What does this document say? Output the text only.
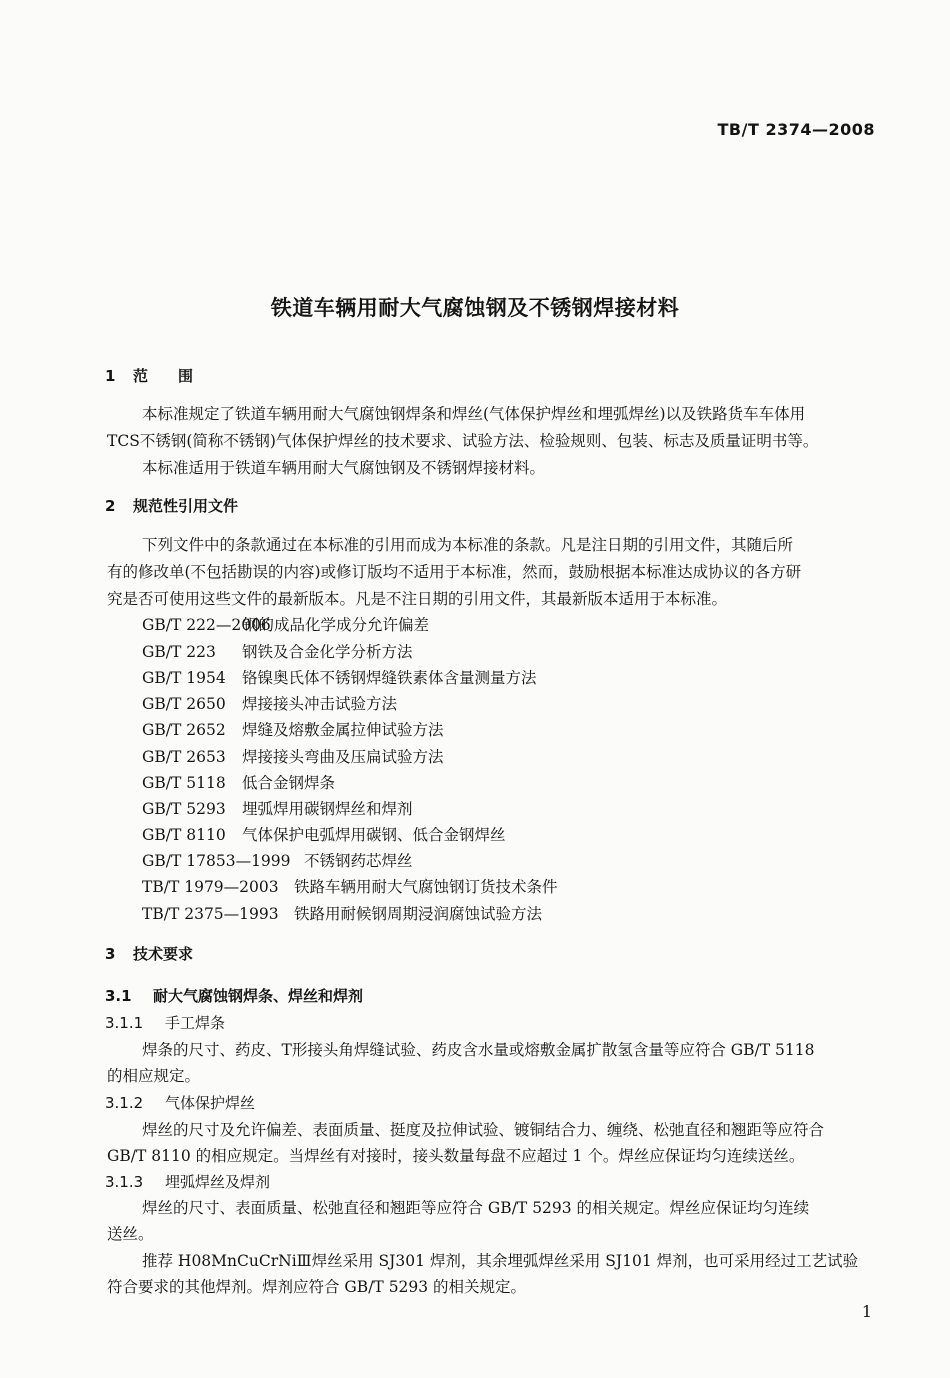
TB/T 2374—2008
铁道车辆用耐大气腐蚀钢及不锈钢焊接材料
1 范　　围
本标准规定了铁道车辆用耐大气腐蚀钢焊条和焊丝(气体保护焊丝和埋弧焊丝)以及铁路货车车体用
TCS不锈钢(简称不锈钢)气体保护焊丝的技术要求、试验方法、检验规则、包装、标志及质量证明书等。
本标准适用于铁道车辆用耐大气腐蚀钢及不锈钢焊接材料。
2 规范性引用文件
下列文件中的条款通过在本标准的引用而成为本标准的条款。凡是注日期的引用文件，其随后所
有的修改单(不包括勘误的内容)或修订版均不适用于本标准，然而，鼓励根据本标准达成协议的各方研
究是否可使用这些文件的最新版本。凡是不注日期的引用文件，其最新版本适用于本标准。
GB/T 222—2006钢的成品化学成分允许偏差
GB/T 223 钢铁及合金化学分析方法
GB/T 1954 铬镍奥氏体不锈钢焊缝铁素体含量测量方法
GB/T 2650 焊接接头冲击试验方法
GB/T 2652 焊缝及熔敷金属拉伸试验方法
GB/T 2653 焊接接头弯曲及压扁试验方法
GB/T 5118 低合金钢焊条
GB/T 5293 埋弧焊用碳钢焊丝和焊剂
GB/T 8110 气体保护电弧焊用碳钢、低合金钢焊丝
GB/T 17853—1999 不锈钢药芯焊丝
TB/T 1979—2003 铁路车辆用耐大气腐蚀钢订货技术条件
TB/T 2375—1993 铁路用耐候钢周期浸润腐蚀试验方法
3 技术要求
3.1 耐大气腐蚀钢焊条、焊丝和焊剂
3.1.1 手工焊条
焊条的尺寸、药皮、T形接头角焊缝试验、药皮含水量或熔敷金属扩散氢含量等应符合 GB/T 5118
的相应规定。
3.1.2 气体保护焊丝
焊丝的尺寸及允许偏差、表面质量、挺度及拉伸试验、镀铜结合力、缠绕、松弛直径和翘距等应符合
GB/T 8110 的相应规定。当焊丝有对接时，接头数量每盘不应超过 1 个。焊丝应保证均匀连续送丝。
3.1.3 埋弧焊丝及焊剂
焊丝的尺寸、表面质量、松弛直径和翘距等应符合 GB/T 5293 的相关规定。焊丝应保证均匀连续
送丝。
推荐 H08MnCuCrNiⅢ焊丝采用 SJ301 焊剂，其余埋弧焊丝采用 SJ101 焊剂，也可采用经过工艺试验
符合要求的其他焊剂。焊剂应符合 GB/T 5293 的相关规定。
1
